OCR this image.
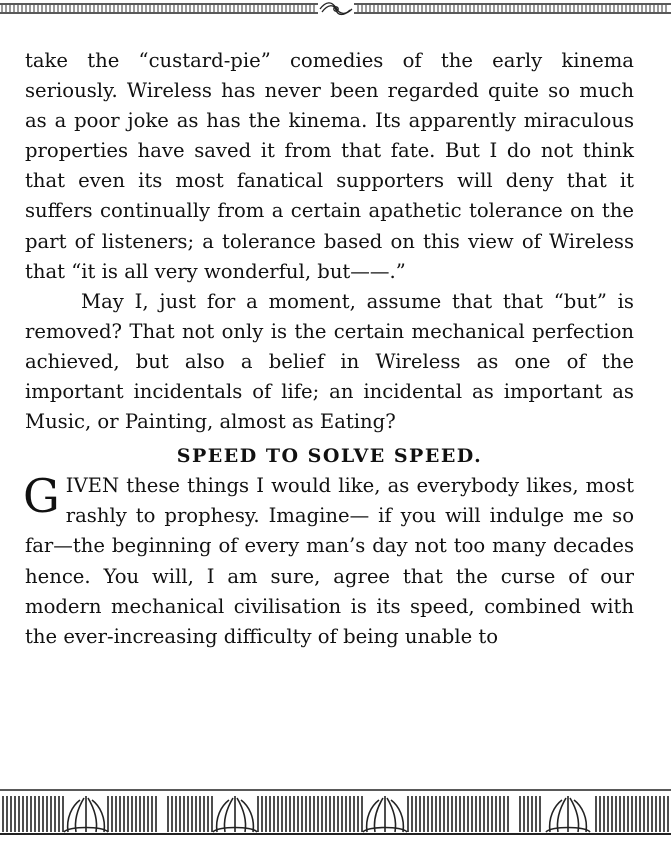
take the “custard-pie” comedies of the early kinema seriously. Wireless has never been regarded quite so much as a poor joke as has the kinema. Its apparently miraculous properties have saved it from that fate. But I do not think that even its most fanatical supporters will deny that it suffers continually from a certain apathetic tolerance on the part of listeners; a tolerance based on this view of Wireless that “it is all very wonderful, but——.”

May I, just for a moment, assume that that “but” is removed? That not only is the certain mechanical perfection achieved, but also a belief in Wireless as one of the important incidentals of life; an incidental as important as Music, or Painting, almost as Eating?

SPEED TO SOLVE SPEED.

GIVEN these things I would like, as everybody likes, most rashly to prophesy. Imagine— if you will indulge me so far—the beginning of every man’s day not too many decades hence. You will, I am sure, agree that the curse of our modern mechanical civilisation is its speed, combined with the ever-increasing difficulty of being unable to
